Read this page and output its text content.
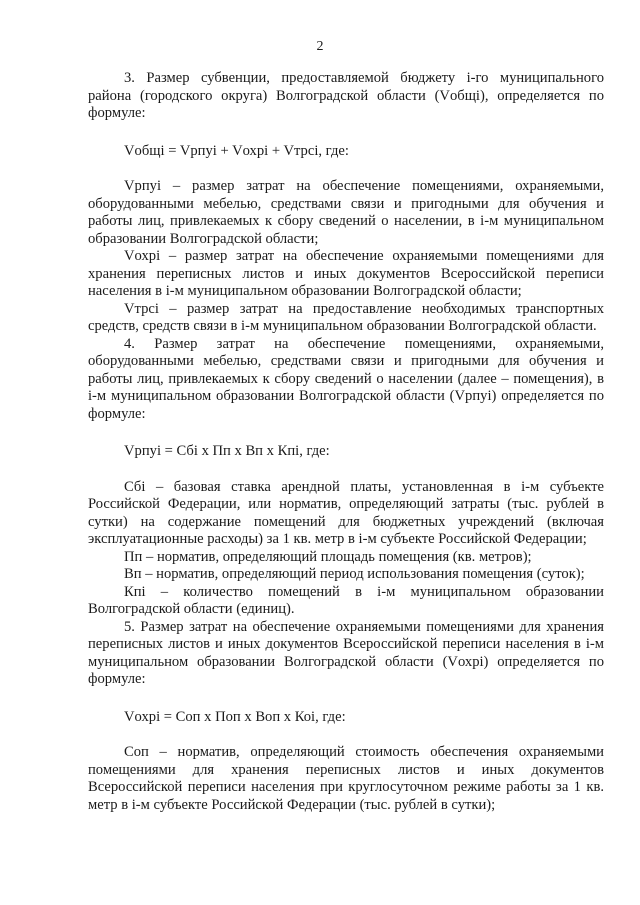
2

3. Размер субвенции, предоставляемой бюджету i-го муниципального района (городского округа) Волгоградской области (Vобщi), определяется по формуле:

Vобщi = Vрпуi + Vохрi + Vтрсi, где:

Vрпуi – размер затрат на обеспечение помещениями, охраняемыми, оборудованными мебелью, средствами связи и пригодными для обучения и работы лиц, привлекаемых к сбору сведений о населении, в i-м муниципальном образовании Волгоградской области;

Vохрi – размер затрат на обеспечение охраняемыми помещениями для хранения переписных листов и иных документов Всероссийской переписи населения в i-м муниципальном образовании Волгоградской области;

Vтрсi – размер затрат на предоставление необходимых транспортных средств, средств связи в i-м муниципальном образовании Волгоградской области.

4. Размер затрат на обеспечение помещениями, охраняемыми, оборудованными мебелью, средствами связи и пригодными для обучения и работы лиц, привлекаемых к сбору сведений о населении (далее – помещения), в i-м муниципальном образовании Волгоградской области (Vрпуi) определяется по формуле:

Vрпуi = Сбi х Пп х Вп х Кпi, где:

Сбi – базовая ставка арендной платы, установленная в i-м субъекте Российской Федерации, или норматив, определяющий затраты (тыс. рублей в сутки) на содержание помещений для бюджетных учреждений (включая эксплуатационные расходы) за 1 кв. метр в i-м субъекте Российской Федерации;

Пп – норматив, определяющий площадь помещения (кв. метров);

Вп – норматив, определяющий период использования помещения (суток);

Кпi – количество помещений в i-м муниципальном образовании Волгоградской области (единиц).

5. Размер затрат на обеспечение охраняемыми помещениями для хранения переписных листов и иных документов Всероссийской переписи населения в i-м муниципальном образовании Волгоградской области (Vохрi) определяется по формуле:

Vохрi = Соп х Поп х Воп х Коi, где:

Соп – норматив, определяющий стоимость обеспечения охраняемыми помещениями для хранения переписных листов и иных документов Всероссийской переписи населения при круглосуточном режиме работы за 1 кв. метр в i-м субъекте Российской Федерации (тыс. рублей в сутки);
